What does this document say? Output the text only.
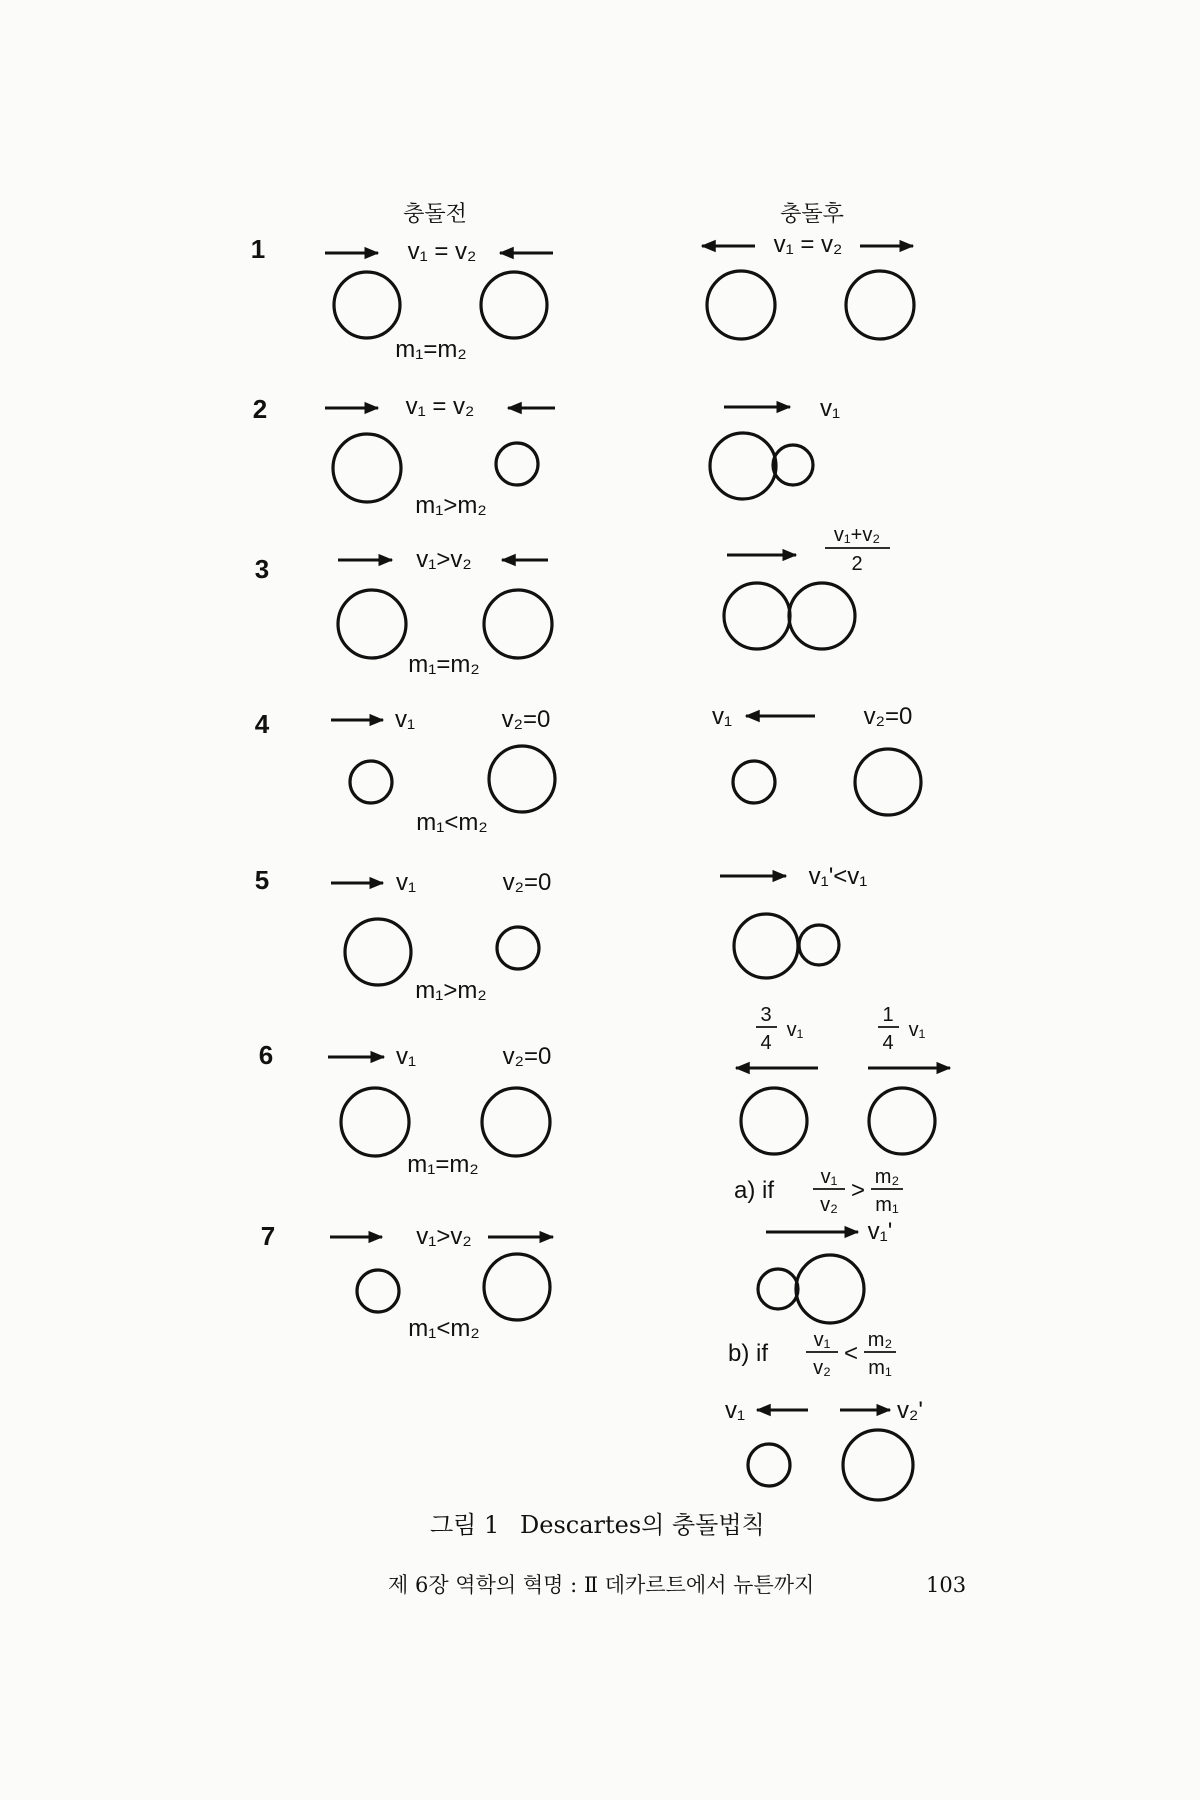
충돌전	충돌후
1	v₁ = v₂
m₁=m₂
v₁ = v₂
2	v₁ = v₂
m₁>m₂
v₁
3	v₁>v₂
m₁=m₂
v₁+v₂
2
4	v₁	v₂=0
m₁<m₂
v₁	v₂=0
5	v₁	v₂=0
m₁>m₂
v₁'<v₁
6	v₁	v₂=0
m₁=m₂
3
4
v₁
1
4
v₁
7	v₁>v₂
m₁<m₂
a) if v₁
v₂
> m₂
m₁
v₁'
b) if v₁
v₂
< m₂
m₁
v₁	v₂'
그림 1 Descartes의 충돌법칙
제 6장 역학의 혁명 : Ⅱ 데카르트에서 뉴튼까지	103
